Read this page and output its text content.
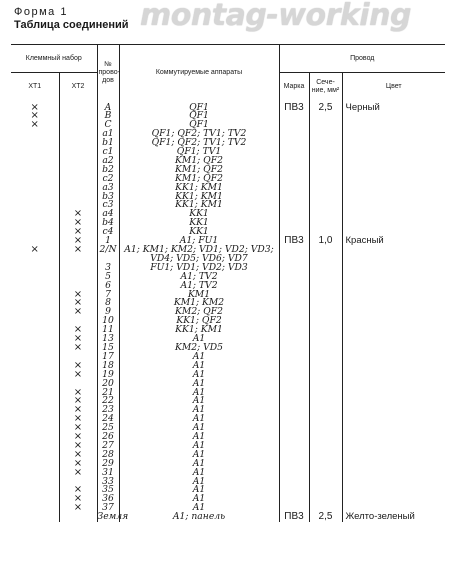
Форма 1
Таблица соединений montag-working
Клеммный набор		№ прово-дов	Коммутируемые аппараты	Провод		
ХТ1	ХТ2			Марка	Сече-ние, мм²	Цвет
×		A	QF1	ПВ3	2,5	Черный
×		B	QF1			
×		C	QF1			
		a1	QF1; QF2; TV1; TV2			
		b1	QF1; QF2; TV1; TV2			
		c1	QF1; TV1			
		a2	KM1; QF2			
		b2	KM1; QF2			
		c2	KM1; QF2			
		a3	KK1; KM1			
		b3	KK1; KM1			
		c3	KK1; KM1			
	×	a4	KK1			
	×	b4	KK1			
	×	c4	KK1			
	×	1	A1; FU1	ПВ3	1,0	Красный
×	×	2/N	A1; KM1; KM2; VD1; VD2; VD3; VD4; VD5; VD6; VD7			
		3	FU1; VD1; VD2; VD3			
		5	A1; TV2			
		6	A1; TV2			
	×	7	KM1			
	×	8	KM1; KM2			
	×	9	KM2; QF2			
		10	KK1; QF2			
	×	11	KK1; KM1			
	×	13	A1			
	×	15	KM2; VD5			
		17	A1			
	×	18	A1			
	×	19	A1			
		20	A1			
	×	21	A1			
	×	22	A1			
	×	23	A1			
	×	24	A1			
	×	25	A1			
	×	26	A1			
	×	27	A1			
	×	28	A1			
	×	29	A1			
	×	31	A1			
		33	A1			
	×	35	A1			
	×	36	A1			
	×	37	A1			
		Земля	A1; панель	ПВ3	2,5	Желто-зеленый
